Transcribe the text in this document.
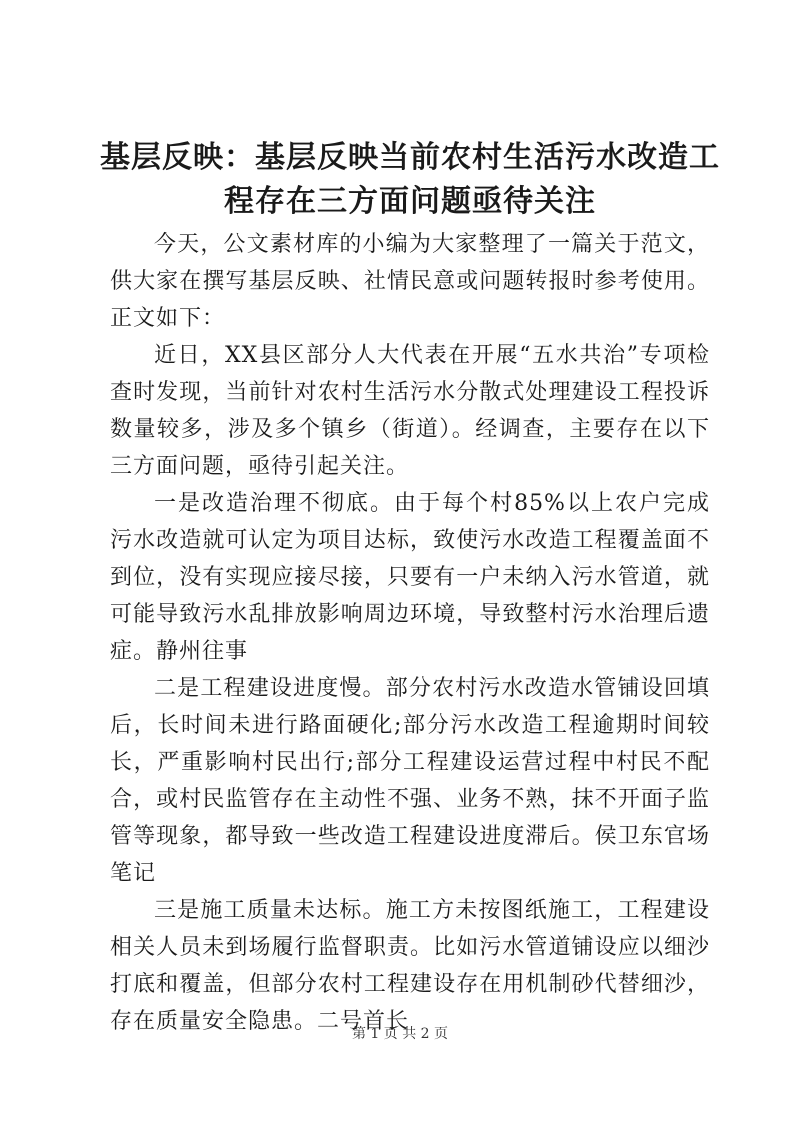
基层反映：基层反映当前农村生活污水改造工程存在三方面问题亟待关注

今天，公文素材库的小编为大家整理了一篇关于范文，供大家在撰写基层反映、社情民意或问题转报时参考使用。正文如下：

近日，XX县区部分人大代表在开展“五水共治”专项检查时发现，当前针对农村生活污水分散式处理建设工程投诉数量较多，涉及多个镇乡（街道）。经调查，主要存在以下三方面问题，亟待引起关注。

一是改造治理不彻底。由于每个村85%以上农户完成污水改造就可认定为项目达标，致使污水改造工程覆盖面不到位，没有实现应接尽接，只要有一户未纳入污水管道，就可能导致污水乱排放影响周边环境，导致整村污水治理后遗症。静州往事

二是工程建设进度慢。部分农村污水改造水管铺设回填后，长时间未进行路面硬化;部分污水改造工程逾期时间较长，严重影响村民出行;部分工程建设运营过程中村民不配合，或村民监管存在主动性不强、业务不熟，抹不开面子监管等现象，都导致一些改造工程建设进度滞后。侯卫东官场笔记

三是施工质量未达标。施工方未按图纸施工，工程建设相关人员未到场履行监督职责。比如污水管道铺设应以细沙打底和覆盖，但部分农村工程建设存在用机制砂代替细沙，存在质量安全隐患。二号首长

第 1 页 共 2 页
